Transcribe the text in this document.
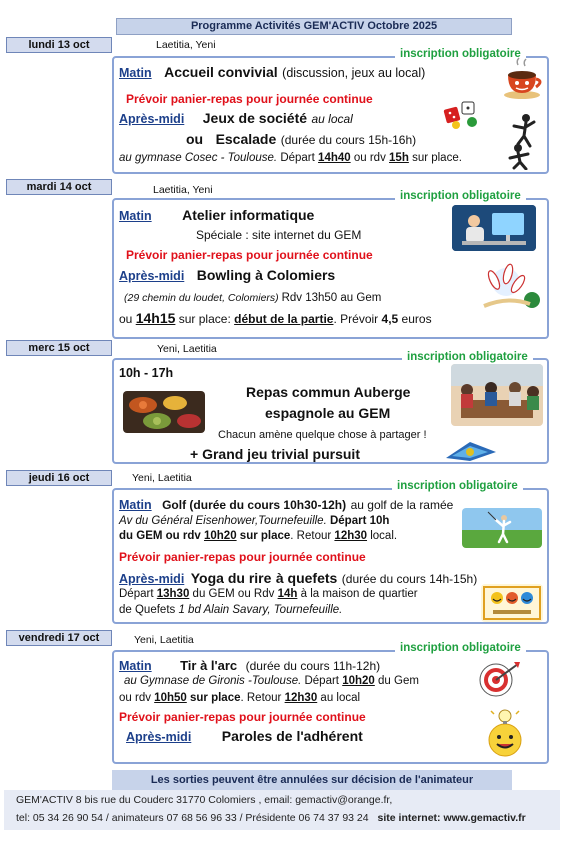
Programme Activités GEM'ACTIV Octobre 2025
lundi 13 oct	Laetitia, Yeni
inscription obligatoire
Matin Accueil convivial (discussion, jeux au local)
Prévoir panier-repas pour journée continue
Après-midi Jeux de société au local
ou Escalade (durée du cours 15h-16h)
au gymnase Cosec - Toulouse. Départ 14h40 ou rdv 15h sur place.
mardi 14 oct	Laetitia, Yeni	inscription obligatoire
Matin Atelier informatique
Spéciale : site internet du GEM
Prévoir panier-repas pour journée continue
Après-midi Bowling à Colomiers
(29 chemin du loudet, Colomiers) Rdv 13h50 au Gem
ou 14h15 sur place: début de la partie. Prévoir 4,5 euros
merc 15 oct	Yeni, Laetitia
inscription obligatoire
10h - 17h
Repas commun Auberge
espagnole au GEM
Chacun amène quelque chose à partager !
+ Grand jeu trivial pursuit
jeudi 16 oct	Yeni, Laetitia
inscription obligatoire
Matin Golf (durée du cours 10h30-12h) au golf de la ramée
Av du Général Eisenhower,Tournefeuille. Départ 10h
du GEM ou rdv 10h20 sur place. Retour 12h30 local.
Prévoir panier-repas pour journée continue
Après-midi Yoga du rire à quefets (durée du cours 14h-15h)
Départ 13h30 du GEM ou Rdv 14h à la maison de quartier
de Quefets 1 bd Alain Savary, Tournefeuille.
vendredi 17 oct	Yeni, Laetitia
inscription obligatoire
Matin Tir à l'arc (durée du cours 11h-12h)
au Gymnase de Gironis -Toulouse. Départ 10h20 du Gem
ou rdv 10h50 sur place. Retour 12h30 au local
Prévoir panier-repas pour journée continue
Après-midi Paroles de l'adhérent
Les sorties peuvent être annulées sur décision de l'animateur
GEM'ACTIV 8 bis rue du Couderc 31770 Colomiers , email: gemactiv@orange.fr,
tel: 05 34 26 90 54 / animateurs 07 68 56 96 33 / Présidente 06 74 37 93 24 site internet: www.gemactiv.fr
